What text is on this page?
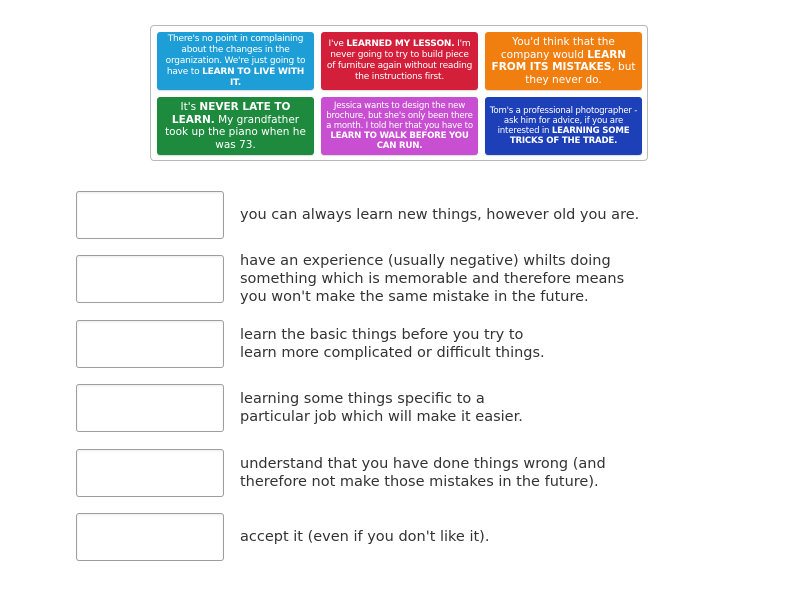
There's no point in complaining about the changes in the organization. We're just going to have to LEARN TO LIVE WITH IT.
I've LEARNED MY LESSON. I'm never going to try to build piece of furniture again without reading the instructions first.
You'd think that the company would LEARN FROM ITS MISTAKES, but they never do.
It's NEVER LATE TO LEARN. My grandfather took up the piano when he was 73.
Jessica wants to design the new brochure, but she's only been there a month. I told her that you have to LEARN TO WALK BEFORE YOU CAN RUN.
Tom's a professional photographer - ask him for advice, if you are interested in LEARNING SOME TRICKS OF THE TRADE.
you can always learn new things, however old you are.
have an experience (usually negative) whilts doing
something which is memorable and therefore means
you won't make the same mistake in the future.
learn the basic things before you try to
learn more complicated or difficult things.
learning some things specific to a
particular job which will make it easier.
understand that you have done things wrong (and
therefore not make those mistakes in the future).
accept it (even if you don't like it).
